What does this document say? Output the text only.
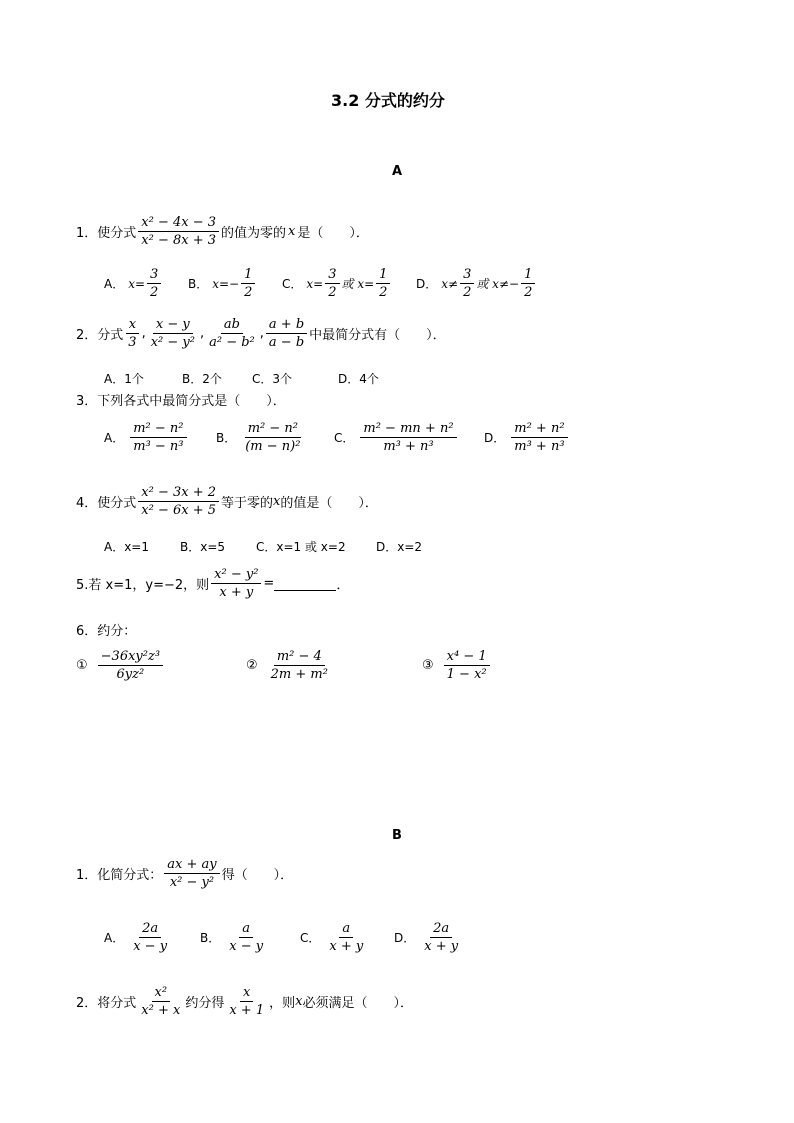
3.2 分式的约分
A
1．使分式 $\frac{\text{x² − 4x − 3}}{\text{x² − 8x + 3}}$ 的值为零的 x 是（　　）．
A． $x= \frac{3}{2}$ B． $x=- \frac{1}{2}$ C． $x= \frac{3}{2}$ 或 $x= \frac{1}{2}$ D． $x\ne \frac{3}{2}$ 或 $x\ne- \frac{1}{2}$
2．分式 $\frac{x}{3}$ , $\frac{x - y}{\text{x² − y²}}$ , $\frac{ab}{\text{a² − b²}}$ , $\frac{a + b}{a - b}$ 中最简分式有（　　）．
A．1个	B．2个	C．3个	D．4个
3．下列各式中最简分式是（　　）．
A． $\frac{\text{m² − n²}}{\text{m³ − n³}}$ B． $\frac{\text{m² − n²}}{\text{(m − n)²}}$	C． $\frac{\text{m² − mn + n²}}{\text{m³ + n³}}$ D． $\frac{\text{m² + n²}}{\text{m³ + n³}}$
4．使分式 $\frac{\text{x² − 3x + 2}}{\text{x² − 6x + 5}}$ 等于零的 x 的值是（　　）．
A．x=1	B．x=5	C．x=1 或 x=2	D．x=2
5.若 x=1，y=−2，则 $\frac{\text{x² − y²}}{x + y}$ =	．
6．约分：
① $\frac{\text{−36xy²z³}}{\text{6yz²}}$	② $\frac{\text{m² − 4}}{\text{2m + m²}}$	③ $\frac{\text{x⁴ − 1}}{\text{1 − x²}}$
B
1．化简分式： $\frac{ax + ay}{\text{x² − y²}}$ 得（　　）．
A． $\frac{2a}{x - y}$ B． $\frac{a}{x - y}$	C． $\frac{a}{x + y}$ D． $\frac{2a}{x + y}$
2．将分式 $\frac{\text{x²}}{\text{x² + x}}$ 约分得 $\frac{x}{x + 1}$ ，则 x 必须满足（　　）．
